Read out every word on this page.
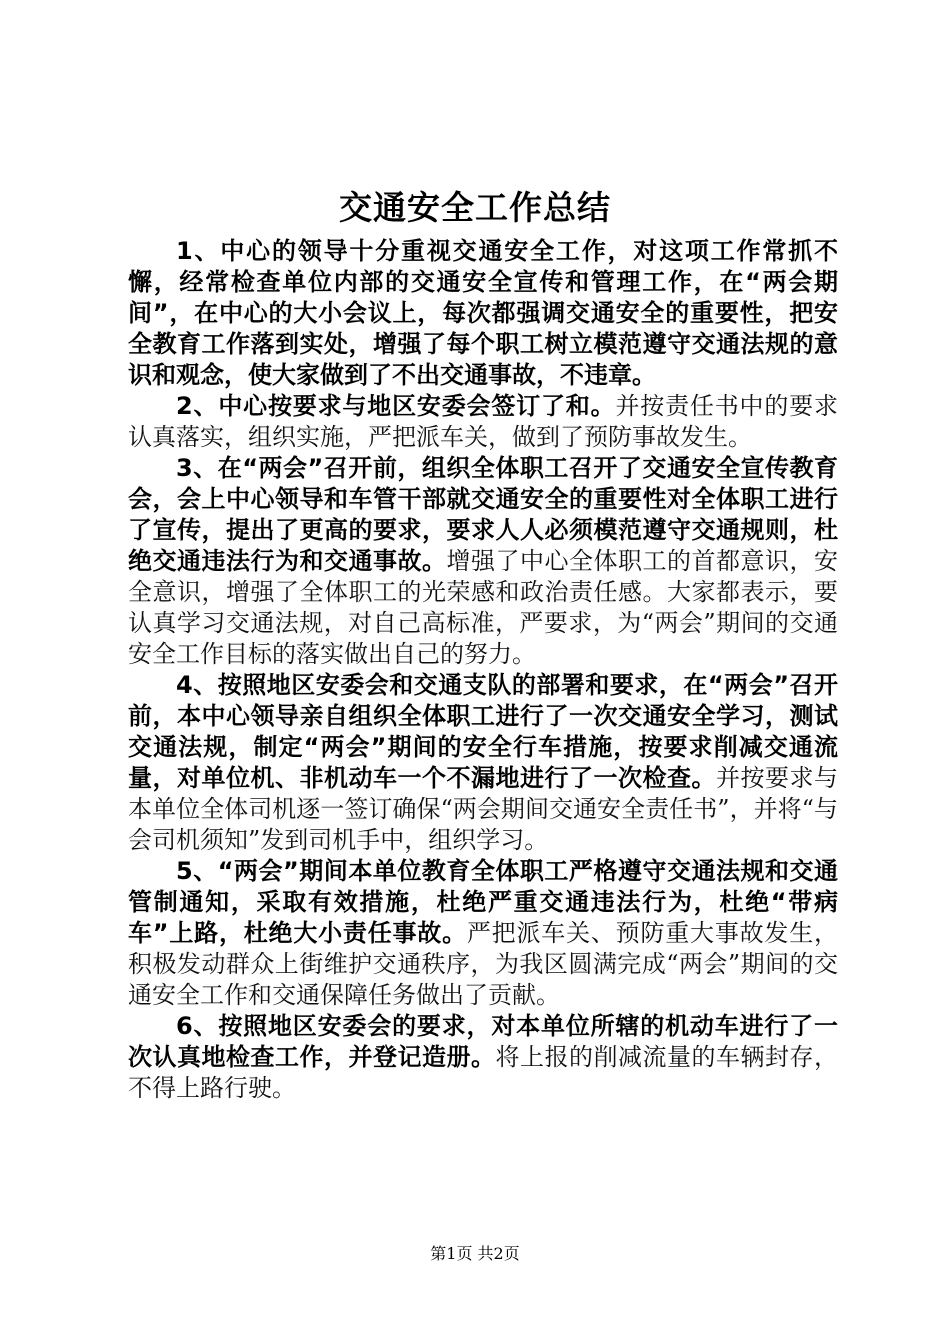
交通安全工作总结

1、中心的领导十分重视交通安全工作，对这项工作常抓不懈，经常检查单位内部的交通安全宣传和管理工作，在“两会期间”，在中心的大小会议上，每次都强调交通安全的重要性，把安全教育工作落到实处，增强了每个职工树立模范遵守交通法规的意识和观念，使大家做到了不出交通事故，不违章。

2、中心按要求与地区安委会签订了和。并按责任书中的要求认真落实，组织实施，严把派车关，做到了预防事故发生。

3、在“两会”召开前，组织全体职工召开了交通安全宣传教育会，会上中心领导和车管干部就交通安全的重要性对全体职工进行了宣传，提出了更高的要求，要求人人必须模范遵守交通规则，杜绝交通违法行为和交通事故。增强了中心全体职工的首都意识，安全意识，增强了全体职工的光荣感和政治责任感。大家都表示，要认真学习交通法规，对自己高标准，严要求，为“两会”期间的交通安全工作目标的落实做出自己的努力。

4、按照地区安委会和交通支队的部署和要求，在“两会”召开前，本中心领导亲自组织全体职工进行了一次交通安全学习，测试交通法规，制定“两会”期间的安全行车措施，按要求削减交通流量，对单位机、非机动车一个不漏地进行了一次检查。并按要求与本单位全体司机逐一签订确保“两会期间交通安全责任书”，并将“与会司机须知”发到司机手中，组织学习。

5、“两会”期间本单位教育全体职工严格遵守交通法规和交通管制通知，采取有效措施，杜绝严重交通违法行为，杜绝“带病车”上路，杜绝大小责任事故。严把派车关、预防重大事故发生，积极发动群众上街维护交通秩序，为我区圆满完成“两会”期间的交通安全工作和交通保障任务做出了贡献。

6、按照地区安委会的要求，对本单位所辖的机动车进行了一次认真地检查工作，并登记造册。将上报的削减流量的车辆封存，不得上路行驶。

第1页 共2页
